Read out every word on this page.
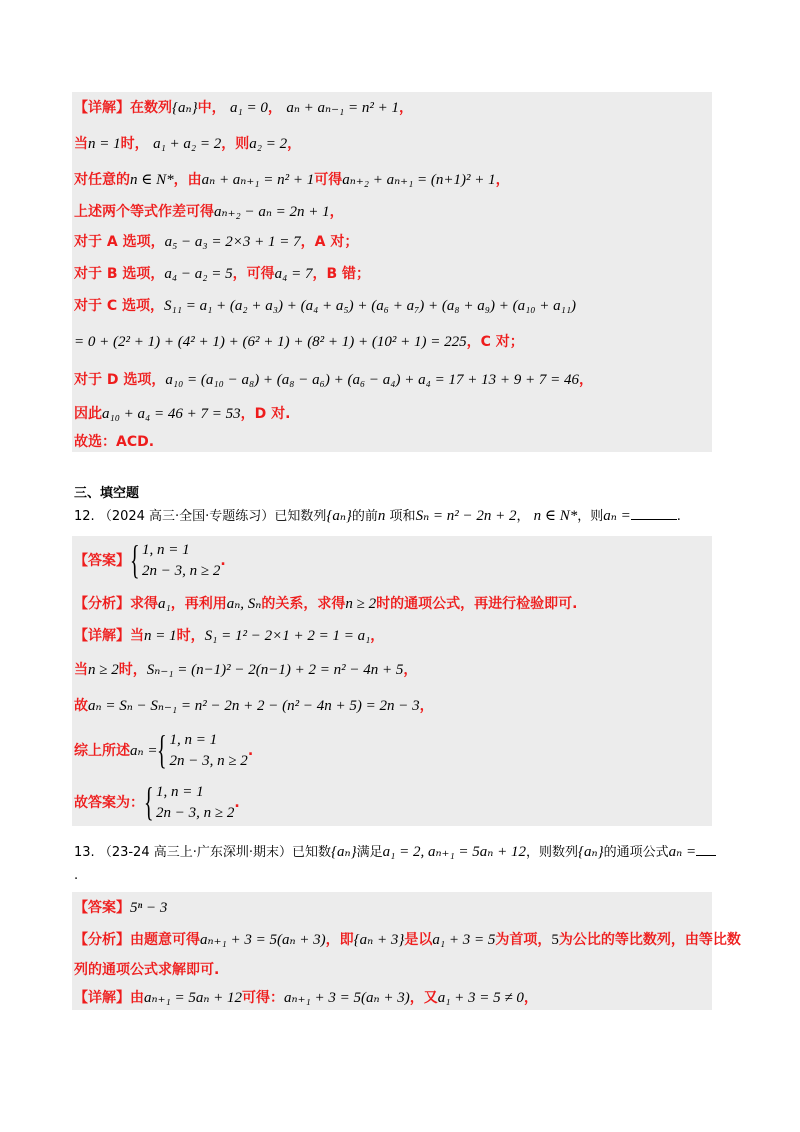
【详解】在数列{aₙ}中， a₁ = 0， aₙ + aₙ₋₁ = n² + 1，
当n = 1时， a₁ + a₂ = 2，则a₂ = 2，
对任意的n ∈ N*，由aₙ + aₙ₊₁ = n² + 1可得aₙ₊₂ + aₙ₊₁ = (n+1)² + 1，
上述两个等式作差可得aₙ₊₂ − aₙ = 2n + 1，
对于 A 选项，a₅ − a₃ = 2×3 + 1 = 7，A 对；
对于 B 选项，a₄ − a₂ = 5，可得a₄ = 7，B 错；
对于 C 选项，S₁₁ = a₁ + (a₂ + a₃) + (a₄ + a₅) + (a₆ + a₇) + (a₈ + a₉) + (a₁₀ + a₁₁)
= 0 + (2² + 1) + (4² + 1) + (6² + 1) + (8² + 1) + (10² + 1) = 225，C 对；
对于 D 选项，a₁₀ = (a₁₀ − a₈) + (a₈ − a₆) + (a₆ − a₄) + a₄ = 17 + 13 + 9 + 7 = 46，
因此a₁₀ + a₄ = 46 + 7 = 53，D 对.
故选：ACD.
三、填空题
12. （2024 高三·全国·专题练习）已知数列{aₙ}的前n 项和Sₙ = n² − 2n + 2， n ∈ N*，则aₙ =	.
【答案】 { 1, n = 1
2n − 3, n ≥ 2
.
【分析】求得a₁，再利用aₙ, Sₙ的关系，求得n ≥ 2时的通项公式，再进行检验即可.
【详解】当n = 1时，S₁ = 1² − 2×1 + 2 = 1 = a₁，
当n ≥ 2时，Sₙ₋₁ = (n−1)² − 2(n−1) + 2 = n² − 4n + 5，
故aₙ = Sₙ − Sₙ₋₁ = n² − 2n + 2 − (n² − 4n + 5) = 2n − 3，
综上所述aₙ = { 1, n = 1
2n − 3, n ≥ 2
.
故答案为： { 1, n = 1
2n − 3, n ≥ 2
.
13. （23-24 高三上·广东深圳·期末）已知数{aₙ}满足a₁ = 2, aₙ₊₁ = 5aₙ + 12，则数列{aₙ}的通项公式aₙ =
.
【答案】5ⁿ − 3
【分析】由题意可得aₙ₊₁ + 3 = 5(aₙ + 3)，即{aₙ + 3}是以a₁ + 3 = 5为首项，5为公比的等比数列，由等比数
列的通项公式求解即可.
【详解】由aₙ₊₁ = 5aₙ + 12可得：aₙ₊₁ + 3 = 5(aₙ + 3)，又a₁ + 3 = 5 ≠ 0，
